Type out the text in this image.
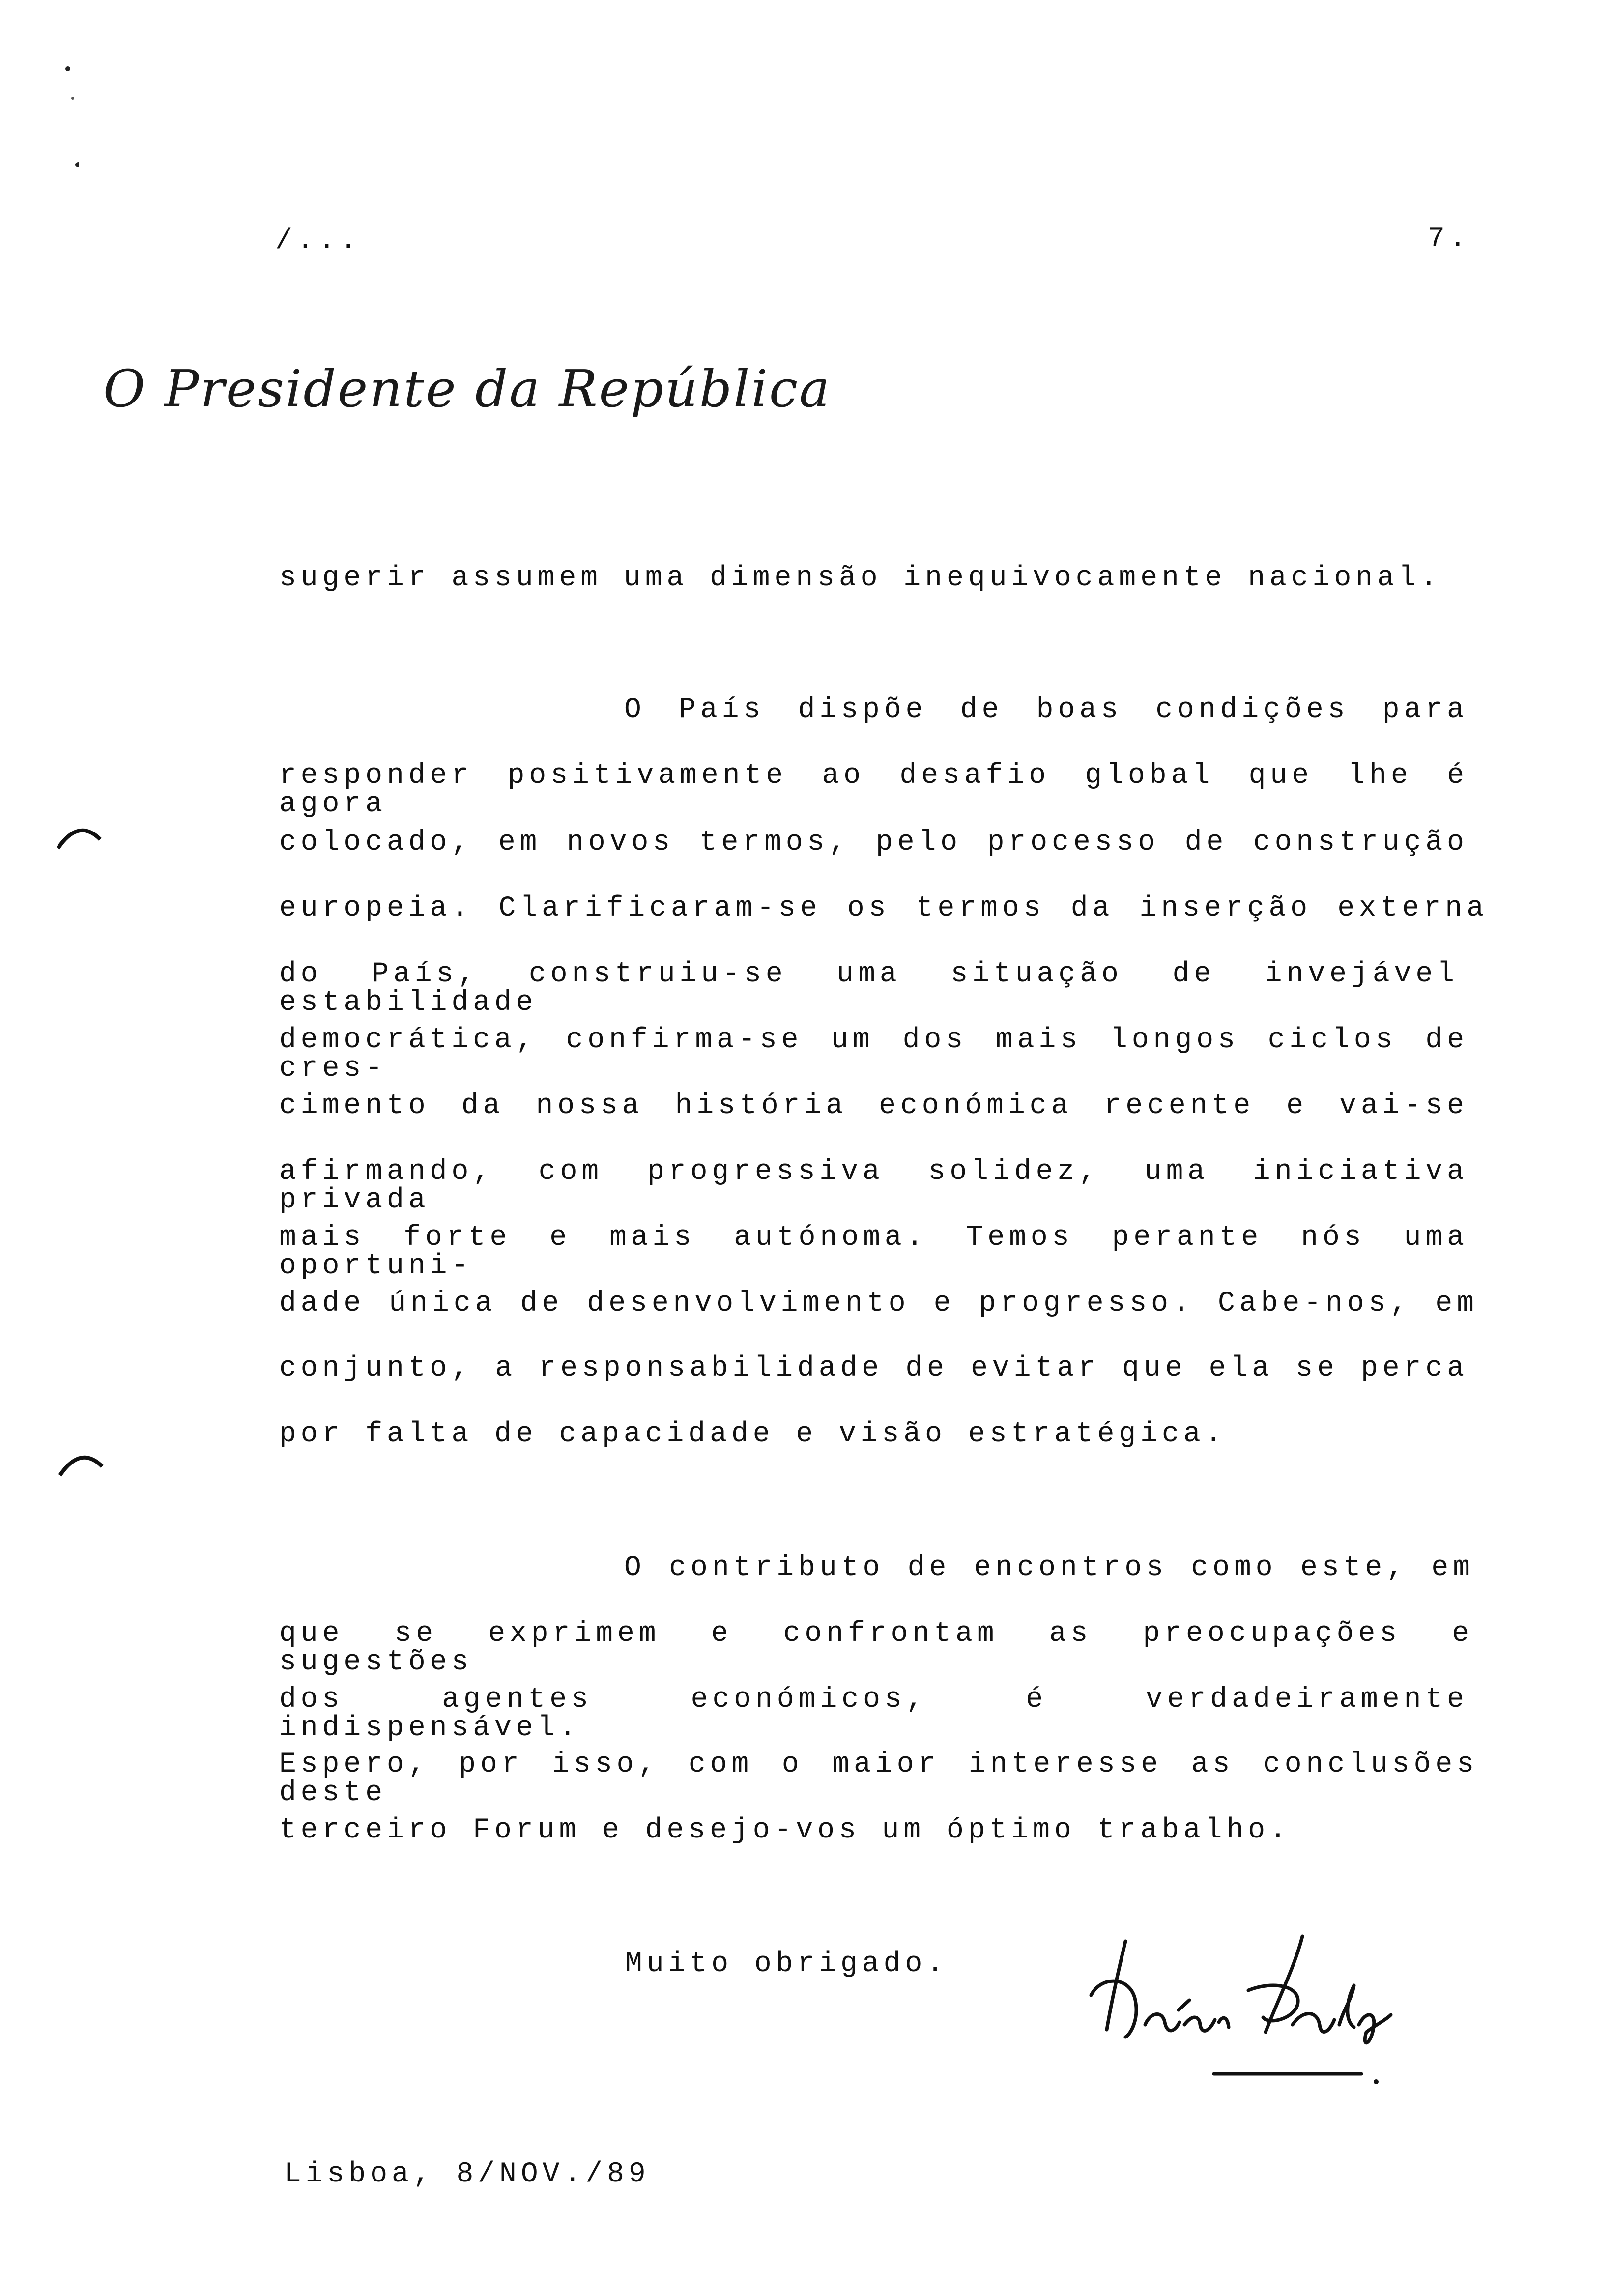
/...	7.
O Presidente da República
sugerir assumem uma dimensão inequivocamente nacional.
O País dispõe de boas condições para
responder positivamente ao desafio global que lhe é agora
colocado, em novos termos, pelo processo de construção
europeia. Clarificaram-se os termos da inserção externa
do País, construiu-se uma situação de invejável estabilidade
democrática, confirma-se um dos mais longos ciclos de cres-
cimento da nossa história económica recente e vai-se
afirmando, com progressiva solidez, uma iniciativa privada
mais forte e mais autónoma. Temos perante nós uma oportuni-
dade única de desenvolvimento e progresso. Cabe-nos, em
conjunto, a responsabilidade de evitar que ela se perca
por falta de capacidade e visão estratégica.
O contributo de encontros como este, em
que se exprimem e confrontam as preocupações e sugestões
dos agentes económicos, é verdadeiramente indispensável.
Espero, por isso, com o maior interesse as conclusões deste
terceiro Forum e desejo-vos um óptimo trabalho.
Muito obrigado.
Lisboa, 8/NOV./89
